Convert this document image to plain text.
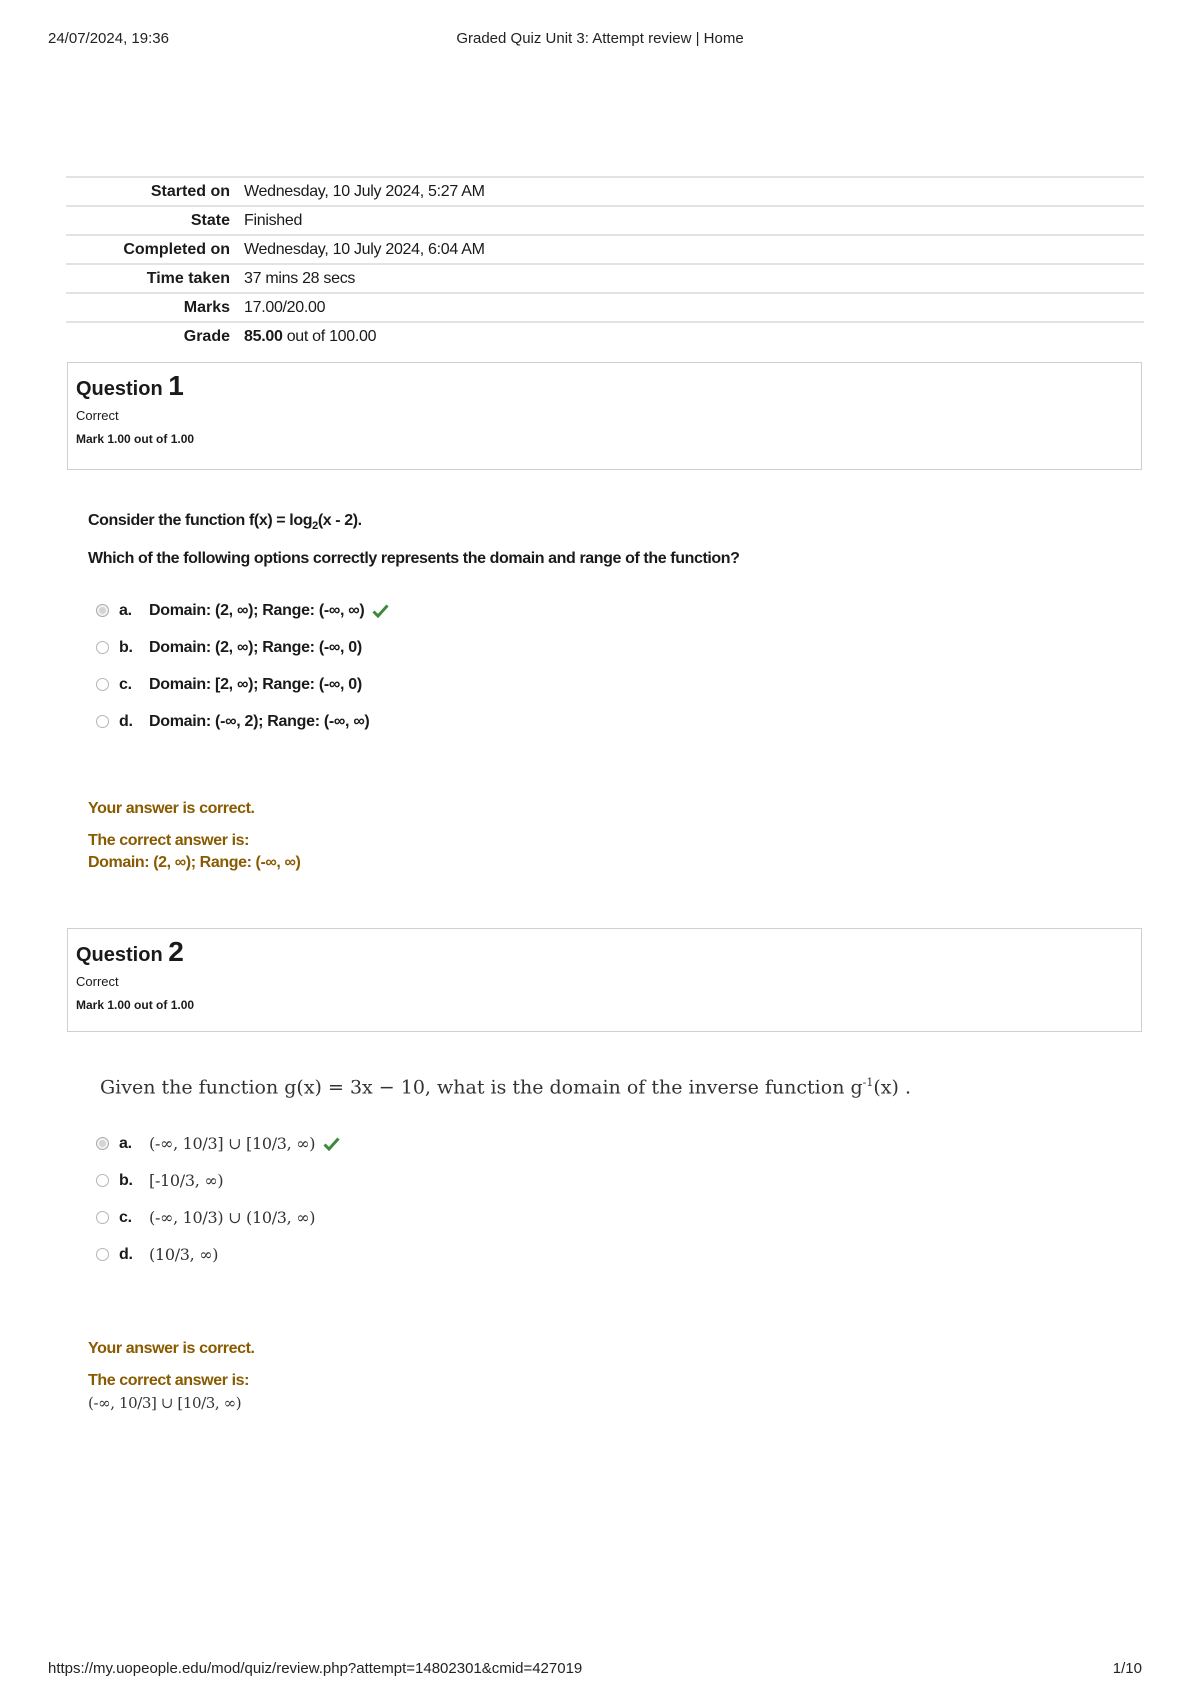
24/07/2024, 19:36	Graded Quiz Unit 3: Attempt review | Home
Started on	Wednesday, 10 July 2024, 5:27 AM
State	Finished
Completed on	Wednesday, 10 July 2024, 6:04 AM
Time taken	37 mins 28 secs
Marks	17.00/20.00
Grade	85.00 out of 100.00
Question 1
Correct
Mark 1.00 out of 1.00

Consider the function $f(x) = \log_2(x - 2)$.

Which of the following options correctly represents the domain and range of the function?

a.	Domain: (2, ∞); Range: (-∞, ∞)
b.	Domain: (2, ∞); Range: (-∞, 0)
c.	Domain: [2, ∞); Range: (-∞, 0)
d.	Domain: (-∞, 2); Range: (-∞, ∞)
Your answer is correct.
The correct answer is:
Domain: (2, ∞); Range: (-∞, ∞)
Question 2
Correct
Mark 1.00 out of 1.00
Given the function g(x) = 3x − 10, what is the domain of the inverse function $g^{-1}(x)$ .
a.	(-∞, 10/3] ∪ [10/3, ∞)
b.	[-10/3, ∞)
c.	(-∞, 10/3) ∪ (10/3, ∞)
d.	(10/3, ∞)
Your answer is correct.
The correct answer is:
(-∞, 10/3] ∪ [10/3, ∞)
https://my.uopeople.edu/mod/quiz/review.php?attempt=14802301&cmid=427019	1/10
